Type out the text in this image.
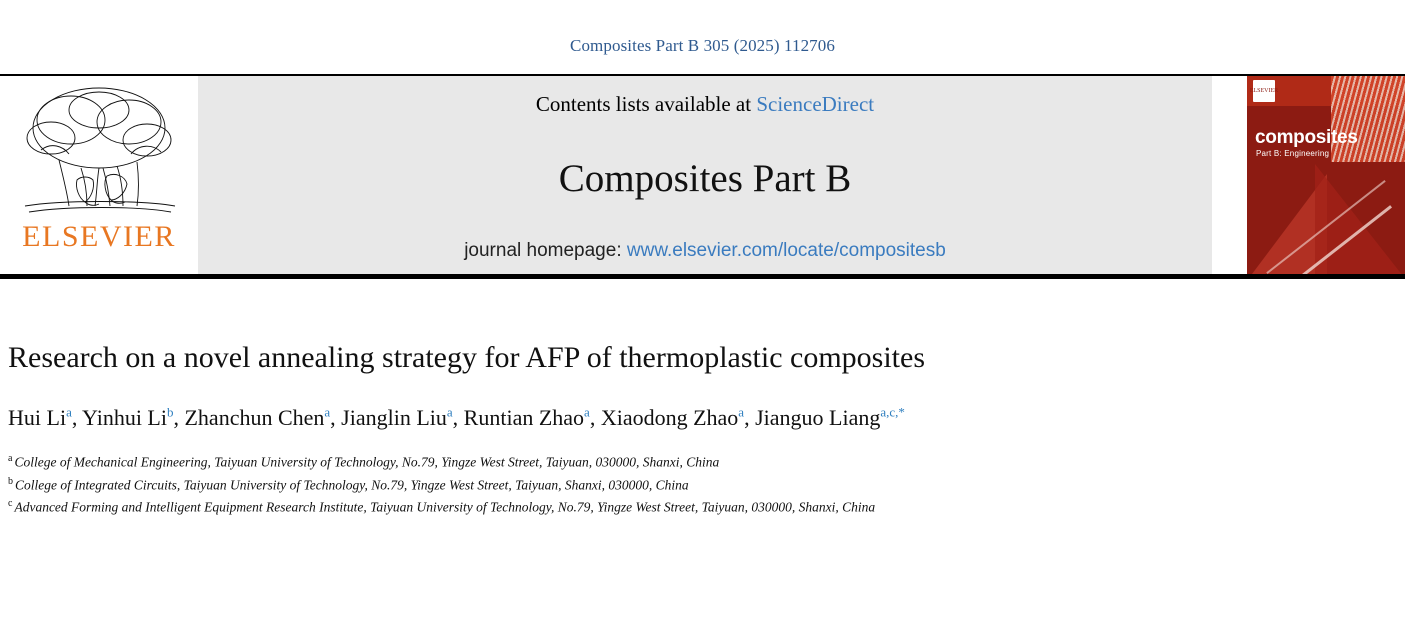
Composites Part B 305 (2025) 112706
ELSEVIER
Contents lists available at ScienceDirect
Composites Part B
journal homepage: www.elsevier.com/locate/compositesb
ELSEVIER
composites
Part B: Engineering
Research on a novel annealing strategy for AFP of thermoplastic composites
Hui Li$^a$, Yinhui Li$^b$, Zhanchun Chen$^a$, Jianglin Liu$^a$, Runtian Zhao$^a$, Xiaodong Zhao$^a$, Jianguo Liang$^{a,c,*}$
$^a$ College of Mechanical Engineering, Taiyuan University of Technology, No.79, Yingze West Street, Taiyuan, 030000, Shanxi, China
$^b$ College of Integrated Circuits, Taiyuan University of Technology, No.79, Yingze West Street, Taiyuan, Shanxi, 030000, China
$^c$ Advanced Forming and Intelligent Equipment Research Institute, Taiyuan University of Technology, No.79, Yingze West Street, Taiyuan, 030000, Shanxi, China
